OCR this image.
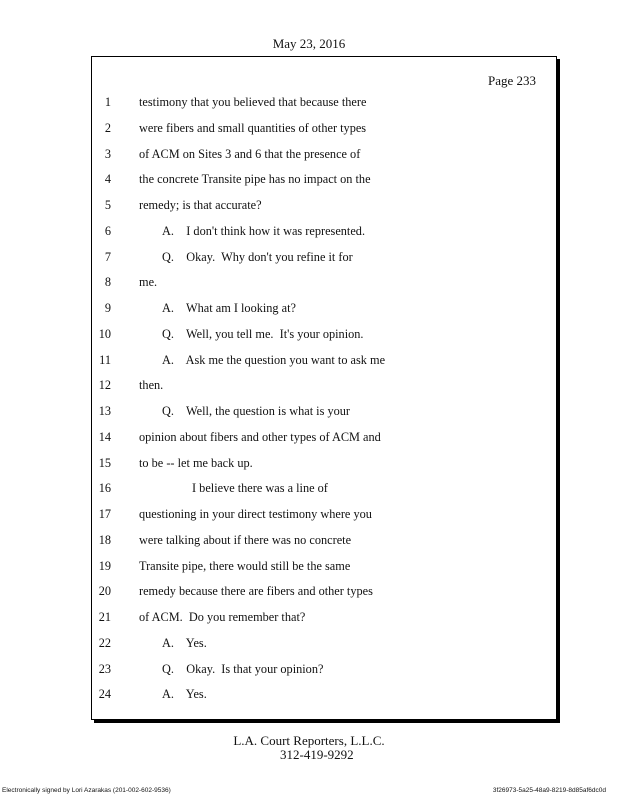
May 23, 2016
Page 233
1 testimony that you believed that because there
2 were fibers and small quantities of other types
3 of ACM on Sites 3 and 6 that the presence of
4 the concrete Transite pipe has no impact on the
5 remedy; is that accurate?
6	A.    I don't think how it was represented.
7	Q.    Okay.  Why don't you refine it for
8 me.
9	A.    What am I looking at?
10	Q.    Well, you tell me.  It's your opinion.
11	A.    Ask me the question you want to ask me
12 then.
13	Q.    Well, the question is what is your
14 opinion about fibers and other types of ACM and
15 to be -- let me back up.
16	I believe there was a line of
17 questioning in your direct testimony where you
18 were talking about if there was no concrete
19 Transite pipe, there would still be the same
20 remedy because there are fibers and other types
21 of ACM.  Do you remember that?
22	A.    Yes.
23	Q.    Okay.  Is that your opinion?
24	A.    Yes.
L.A. Court Reporters, L.L.C.
312-419-9292
Electronically signed by Lori Azarakas (201-002-602-9536)	3f26973-5a25-48a9-8219-8d85af6dc0d
